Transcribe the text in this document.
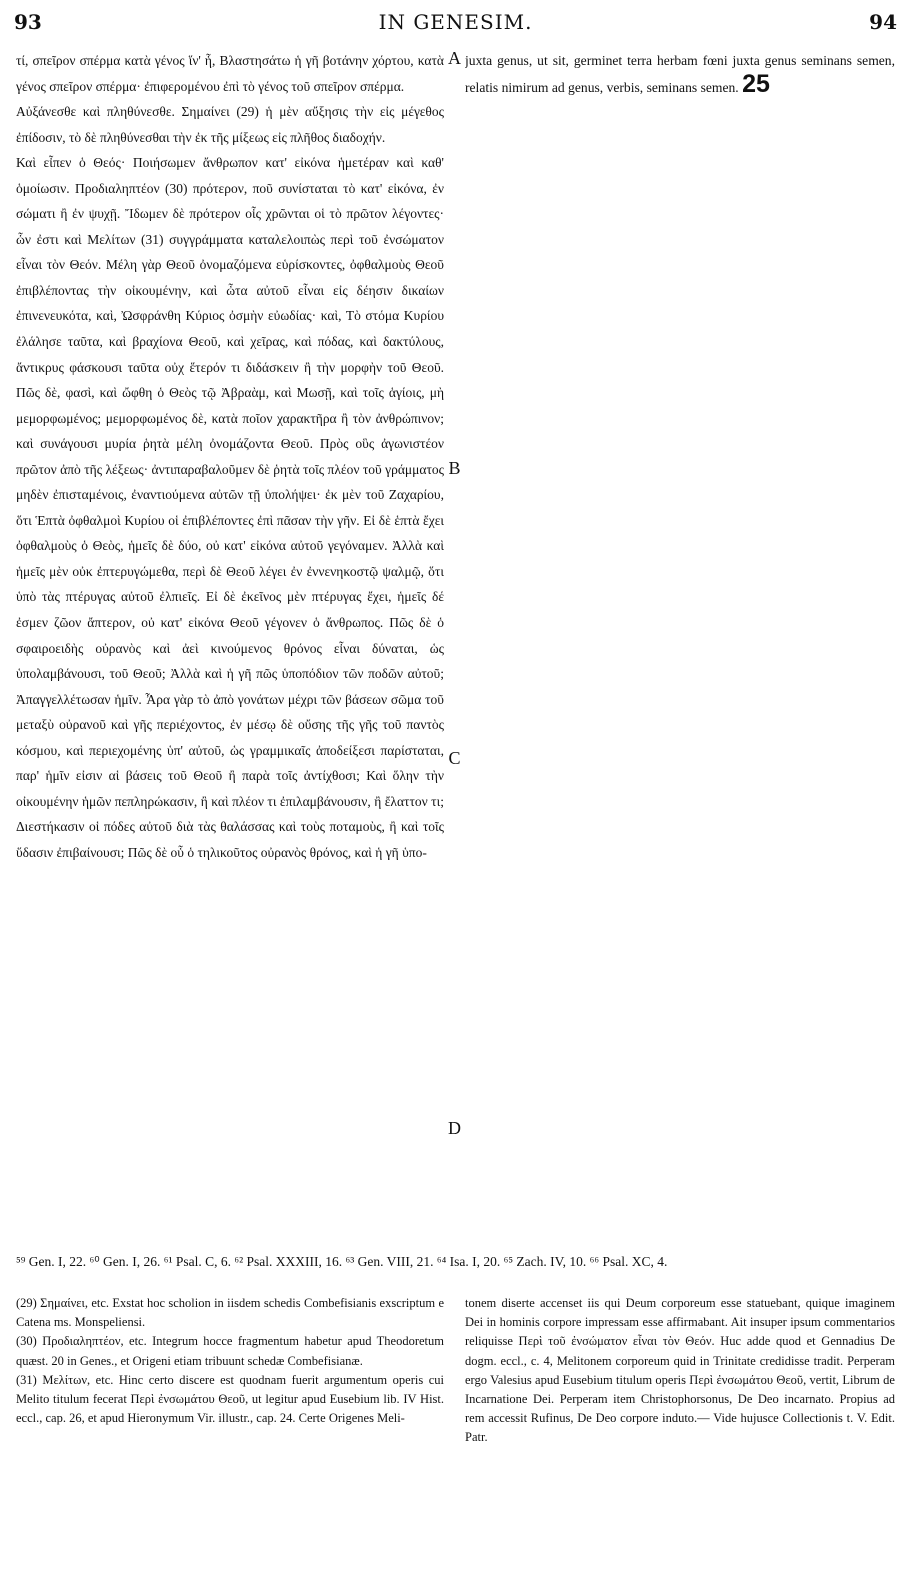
93	IN GENESIM.	94

τί, σπεῖρον σπέρμα κατὰ γένος ἵν' ἦ, Βλαστησάτω ἡ γῆ βοτάνην χόρτου, κατὰ γένος σπεῖρον σπέρμα· ἐπιφερομένου ἐπὶ τὸ γένος τοῦ σπεῖρον σπέρμα.

Αὐξάνεσθε καὶ πληθύνεσθε. Σημαίνει (29) ἡ μὲν αὔξησις τὴν εἰς μέγεθος ἐπίδοσιν, τὸ δὲ πληθύνεσθαι τὴν ἐκ τῆς μίξεως εἰς πλῆθος διαδοχήν.

Καὶ εἶπεν ὁ Θεός· Ποιήσωμεν ἄνθρωπον κατ' εἰκόνα ἡμετέραν καὶ καθ' ὁμοίωσιν. Προδιαληπτέον (30) πρότερον, ποῦ συνίσταται τὸ κατ' εἰκόνα, ἐν σώματι ἢ ἐν ψυχῇ. Ἴδωμεν δὲ πρότερον οἷς χρῶνται οἱ τὸ πρῶτον λέγοντες· ὧν ἐστι καὶ Μελίτων (31) συγγράμματα καταλελοιπὼς περὶ τοῦ ἐνσώματον εἶναι τὸν Θεόν. Μέλη γὰρ Θεοῦ ὀνομαζόμενα εὑρίσκοντες, ὀφθαλμοὺς Θεοῦ ἐπιβλέποντας τὴν οἰκουμένην, καὶ ὦτα αὐτοῦ εἶναι εἰς δέησιν δικαίων ἐπινενευκότα, καὶ, Ὠσφράνθη Κύριος ὀσμὴν εὐωδίας· καὶ, Τὸ στόμα Κυρίου ἐλάλησε ταῦτα, καὶ βραχίονα Θεοῦ, καὶ χεῖρας, καὶ πόδας, καὶ δακτύλους, ἄντικρυς φάσκουσι ταῦτα οὐχ ἕτερόν τι διδάσκειν ἢ τὴν μορφὴν τοῦ Θεοῦ. Πῶς δὲ, φασὶ, καὶ ὤφθη ὁ Θεὸς τῷ Ἀβραὰμ, καὶ Μωσῇ, καὶ τοῖς ἁγίοις, μὴ μεμορφωμένος; μεμορφωμένος δὲ, κατὰ ποῖον χαρακτῆρα ἢ τὸν ἀνθρώπινον; καὶ συνάγουσι μυρία ῥητὰ μέλη ὀνομάζοντα Θεοῦ. Πρὸς οὓς ἀγωνιστέον πρῶτον ἀπὸ τῆς λέξεως· ἀντιπαραβαλοῦμεν δὲ ῥητὰ τοῖς πλέον τοῦ γράμματος μηδὲν ἐπισταμένοις, ἐναντιούμενα αὐτῶν τῇ ὑπολήψει· ἐκ μὲν τοῦ Ζαχαρίου, ὅτι Ἑπτὰ ὀφθαλμοὶ Κυρίου οἱ ἐπιβλέποντες ἐπὶ πᾶσαν τὴν γῆν. Εἰ δὲ ἑπτὰ ἔχει ὀφθαλμοὺς ὁ Θεὸς, ἡμεῖς δὲ δύο, οὐ κατ' εἰκόνα αὐτοῦ γεγόναμεν. Ἀλλὰ καὶ ἡμεῖς μὲν οὐκ ἐπτερυγώμεθα, περὶ δὲ Θεοῦ λέγει ἐν ἐννενηκοστῷ ψαλμῷ, ὅτι ὑπὸ τὰς πτέρυγας αὐτοῦ ἐλπιεῖς. Εἰ δὲ ἐκεῖνος μὲν πτέρυγας ἔχει, ἡμεῖς δέ ἐσμεν ζῶον ἄπτερον, οὐ κατ' εἰκόνα Θεοῦ γέγονεν ὁ ἄνθρωπος. Πῶς δὲ ὁ σφαιροειδὴς οὐρανὸς καὶ ἀεὶ κινούμενος θρόνος εἶναι δύναται, ὡς ὑπολαμβάνουσι, τοῦ Θεοῦ; Ἀλλὰ καὶ ἡ γῆ πῶς ὑποπόδιον τῶν ποδῶν αὐτοῦ; Ἀπαγγελλέτωσαν ἡμῖν. Ἆρα γὰρ τὸ ἀπὸ γονάτων μέχρι τῶν βάσεων σῶμα τοῦ μεταξὺ οὐρανοῦ καὶ γῆς περιέχοντος, ἐν μέσῳ δὲ οὔσης τῆς γῆς τοῦ παντὸς κόσμου, καὶ περιεχομένης ὑπ' αὐτοῦ, ὡς γραμμικαῖς ἀποδείξεσι παρίσταται, παρ' ἡμῖν εἰσιν αἱ βάσεις τοῦ Θεοῦ ἢ παρὰ τοῖς ἀντίχθοσι; Καὶ ὅλην τὴν οἰκουμένην ἡμῶν πεπληρώκασιν, ἢ καὶ πλέον τι ἐπιλαμβάνουσιν, ἢ ἔλαττον τι; Διεστήκασιν οἱ πόδες αὐτοῦ διὰ τὰς θαλάσσας καὶ τοὺς ποταμοὺς, ἢ καὶ τοῖς ὕδασιν ἐπιβαίνουσι; Πῶς δὲ οὗ ὁ τηλικοῦτος οὐρανὸς θρόνος, καὶ ἡ γῆ ὑπο-

A
B
C
D

juxta genus, ut sit, germinet terra herbam fœni juxta genus seminans semen, relatis nimirum ad genus, verbis, seminans semen. 25

⁵⁹ Gen. I, 22. ⁶⁰ Gen. I, 26. ⁶¹ Psal. C, 6. ⁶² Psal. XXXIII, 16. ⁶³ Gen. VIII, 21. ⁶⁴ Isa. I, 20. ⁶⁵ Zach. IV, 10. ⁶⁶ Psal. XC, 4.

(29) Σημαίνει, etc. Exstat hoc scholion in iisdem schedis Combefisianis exscriptum e Catena ms. Monspeliensi.

(30) Προδιαληπτέον, etc. Integrum hocce fragmentum habetur apud Theodoretum quæst. 20 in Genes., et Origeni etiam tribuunt schedæ Combefisianæ.

(31) Μελίτων, etc. Hinc certo discere est quodnam fuerit argumentum operis cui Melito titulum fecerat Περὶ ἐνσωμάτου Θεοῦ, ut legitur apud Eusebium lib. IV Hist. eccl., cap. 26, et apud Hieronymum Vir. illustr., cap. 24. Certe Origenes Meli-

tonem diserte accenset iis qui Deum corporeum esse statuebant, quique imaginem Dei in hominis corpore impressam esse affirmabant. Ait insuper ipsum commentarios reliquisse Περὶ τοῦ ἐνσώματον εἶναι τὸν Θεόν. Huc adde quod et Gennadius De dogm. eccl., c. 4, Melitonem corporeum quid in Trinitate credidisse tradit. Perperam ergo Valesius apud Eusebium titulum operis Περὶ ἐνσωμάτου Θεοῦ, vertit, Librum de Incarnatione Dei. Perperam item Christophorsonus, De Deo incarnato. Propius ad rem accessit Rufinus, De Deo corpore induto.— Vide hujusce Collectionis t. V. Edit. Patr.
